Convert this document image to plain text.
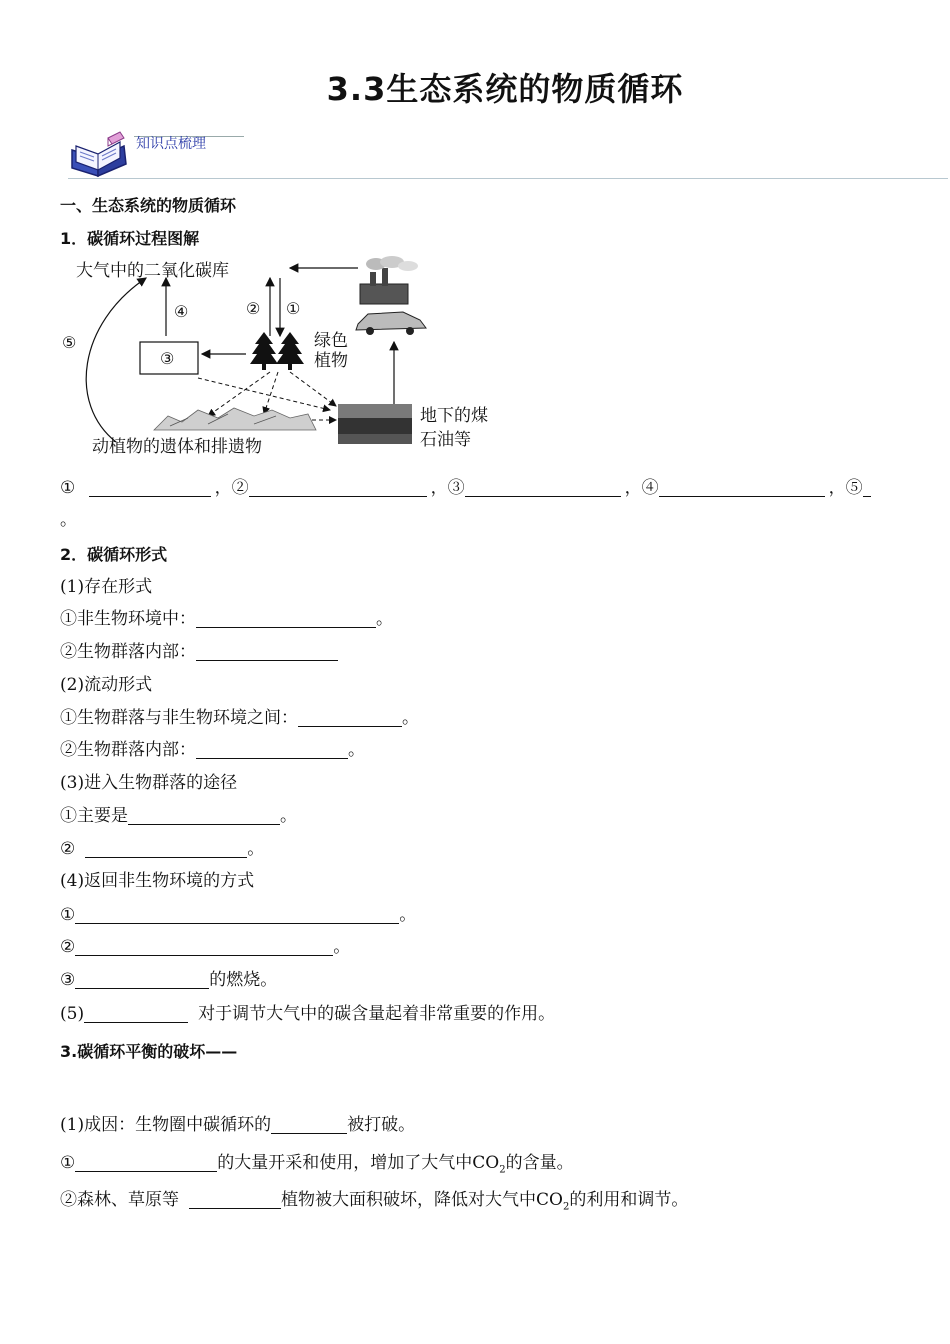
3.3生态系统的物质循环
知识点梳理
一、生态系统的物质循环
1．碳循环过程图解
大气中的二氧化碳库
④	② ①
⑤
③
绿色
植物
动植物的遗体和排遗物
地下的煤
石油等
①	，②	，③	，④	，⑤
。
2．碳循环形式
(1)存在形式
①非生物环境中：	。
②生物群落内部：
(2)流动形式
①生物群落与非生物环境之间：	。
②生物群落内部：	。
(3)进入生物群落的途径
①主要是	。
②	。
(4)返回非生物环境的方式
①	。
②	。
③	的燃烧。
(5)	对于调节大气中的碳含量起着非常重要的作用。
3.碳循环平衡的破坏——
(1)成因：生物圈中碳循环的	被打破。
①	的大量开采和使用，增加了大气中$CO_2$的含量。
②森林、草原等	植物被大面积破坏，降低对大气中$CO_2$的利用和调节。
